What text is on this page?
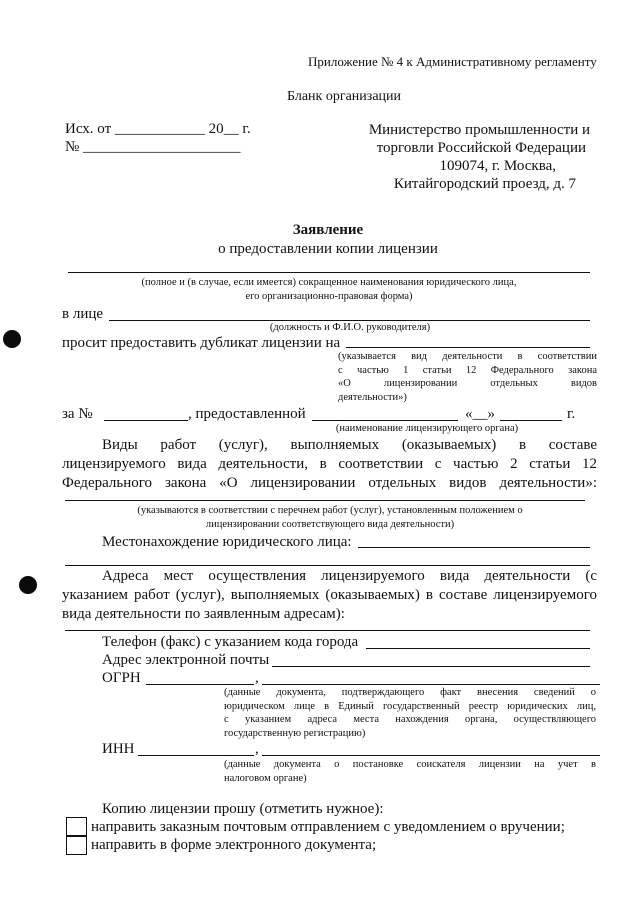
Приложение № 4 к Административному регламенту
Бланк организации
Исх. от ____________ 20__ г.
№ _____________________
Министерство промышленности и
торговли Российской Федерации
109074, г. Москва,
Китайгородский проезд, д. 7
Заявление
о предоставлении копии лицензии
(полное и (в случае, если имеется) сокращенное наименования юридического лица,
его организационно-правовая форма)
в лице
(должность и Ф.И.О. руководителя)
просит предоставить дубликат лицензии на
(указывается вид деятельности в соответствии
с частью 1 статьи 12 Федерального закона
«О лицензировании отдельных видов
деятельности»)
за №	, предоставленной	«__»	г.
(наименование лицензирующего органа)
Виды работ (услуг), выполняемых (оказываемых) в составе
лицензируемого вида деятельности, в соответствии с частью 2 статьи 12
Федерального закона «О лицензировании отдельных видов деятельности»:
(указываются в соответствии с перечнем работ (услуг), установленным положением о
лицензировании соответствующего вида деятельности)
Местонахождение юридического лица:
Адреса мест осуществления лицензируемого вида деятельности (с
указанием работ (услуг), выполняемых (оказываемых) в составе лицензируемого
вида деятельности по заявленным адресам):
Телефон (факс) с указанием кода города
Адрес электронной почты
ОГРН	,
(данные документа, подтверждающего факт внесения сведений о
юридическом лице в Единый государственный реестр юридических лиц,
с указанием адреса места нахождения органа, осуществляющего
государственную регистрацию)
ИНН	,
(данные документа о постановке соискателя лицензии на учет в
налоговом органе)
Копию лицензии прошу (отметить нужное):
направить заказным почтовым отправлением с уведомлением о вручении;
направить в форме электронного документа;
